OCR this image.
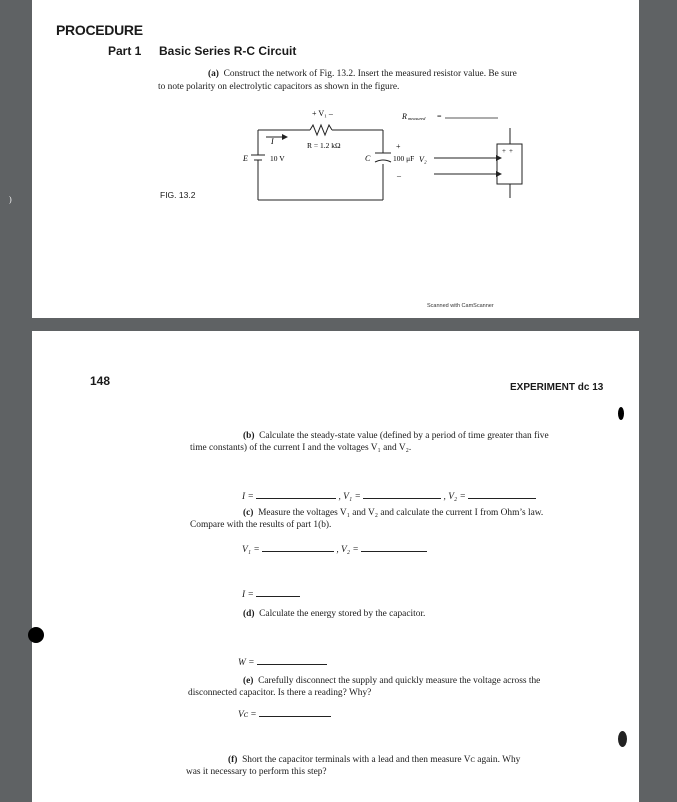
PROCEDURE
Part 1 Basic Series R-C Circuit
(a) Construct the network of Fig. 13.2. Insert the measured resistor value. Be sure
to note polarity on electrolytic capacitors as shown in the figure.
+ V₁ –
I	R = 1.2 kΩ
R measured =
E	10 V	C	100 μF V₂
+
–
+ +
FIG. 13.2
Scanned with CamScanner
)
148	EXPERIMENT dc 13
(b) Calculate the steady-state value (defined by a period of time greater than five
time constants) of the current I and the voltages V₁ and V₂.
I =	, V₁ =	, V₂ =
(c) Measure the voltages V₁ and V₂ and calculate the current I from Ohm’s law.
Compare with the results of part 1(b).
V₁ =	, V₂ =
I =
(d) Calculate the energy stored by the capacitor.
W =
(e) Carefully disconnect the supply and quickly measure the voltage across the
disconnected capacitor. Is there a reading? Why?
Vᴄ =
(f) Short the capacitor terminals with a lead and then measure Vᴄ again. Why
was it necessary to perform this step?
